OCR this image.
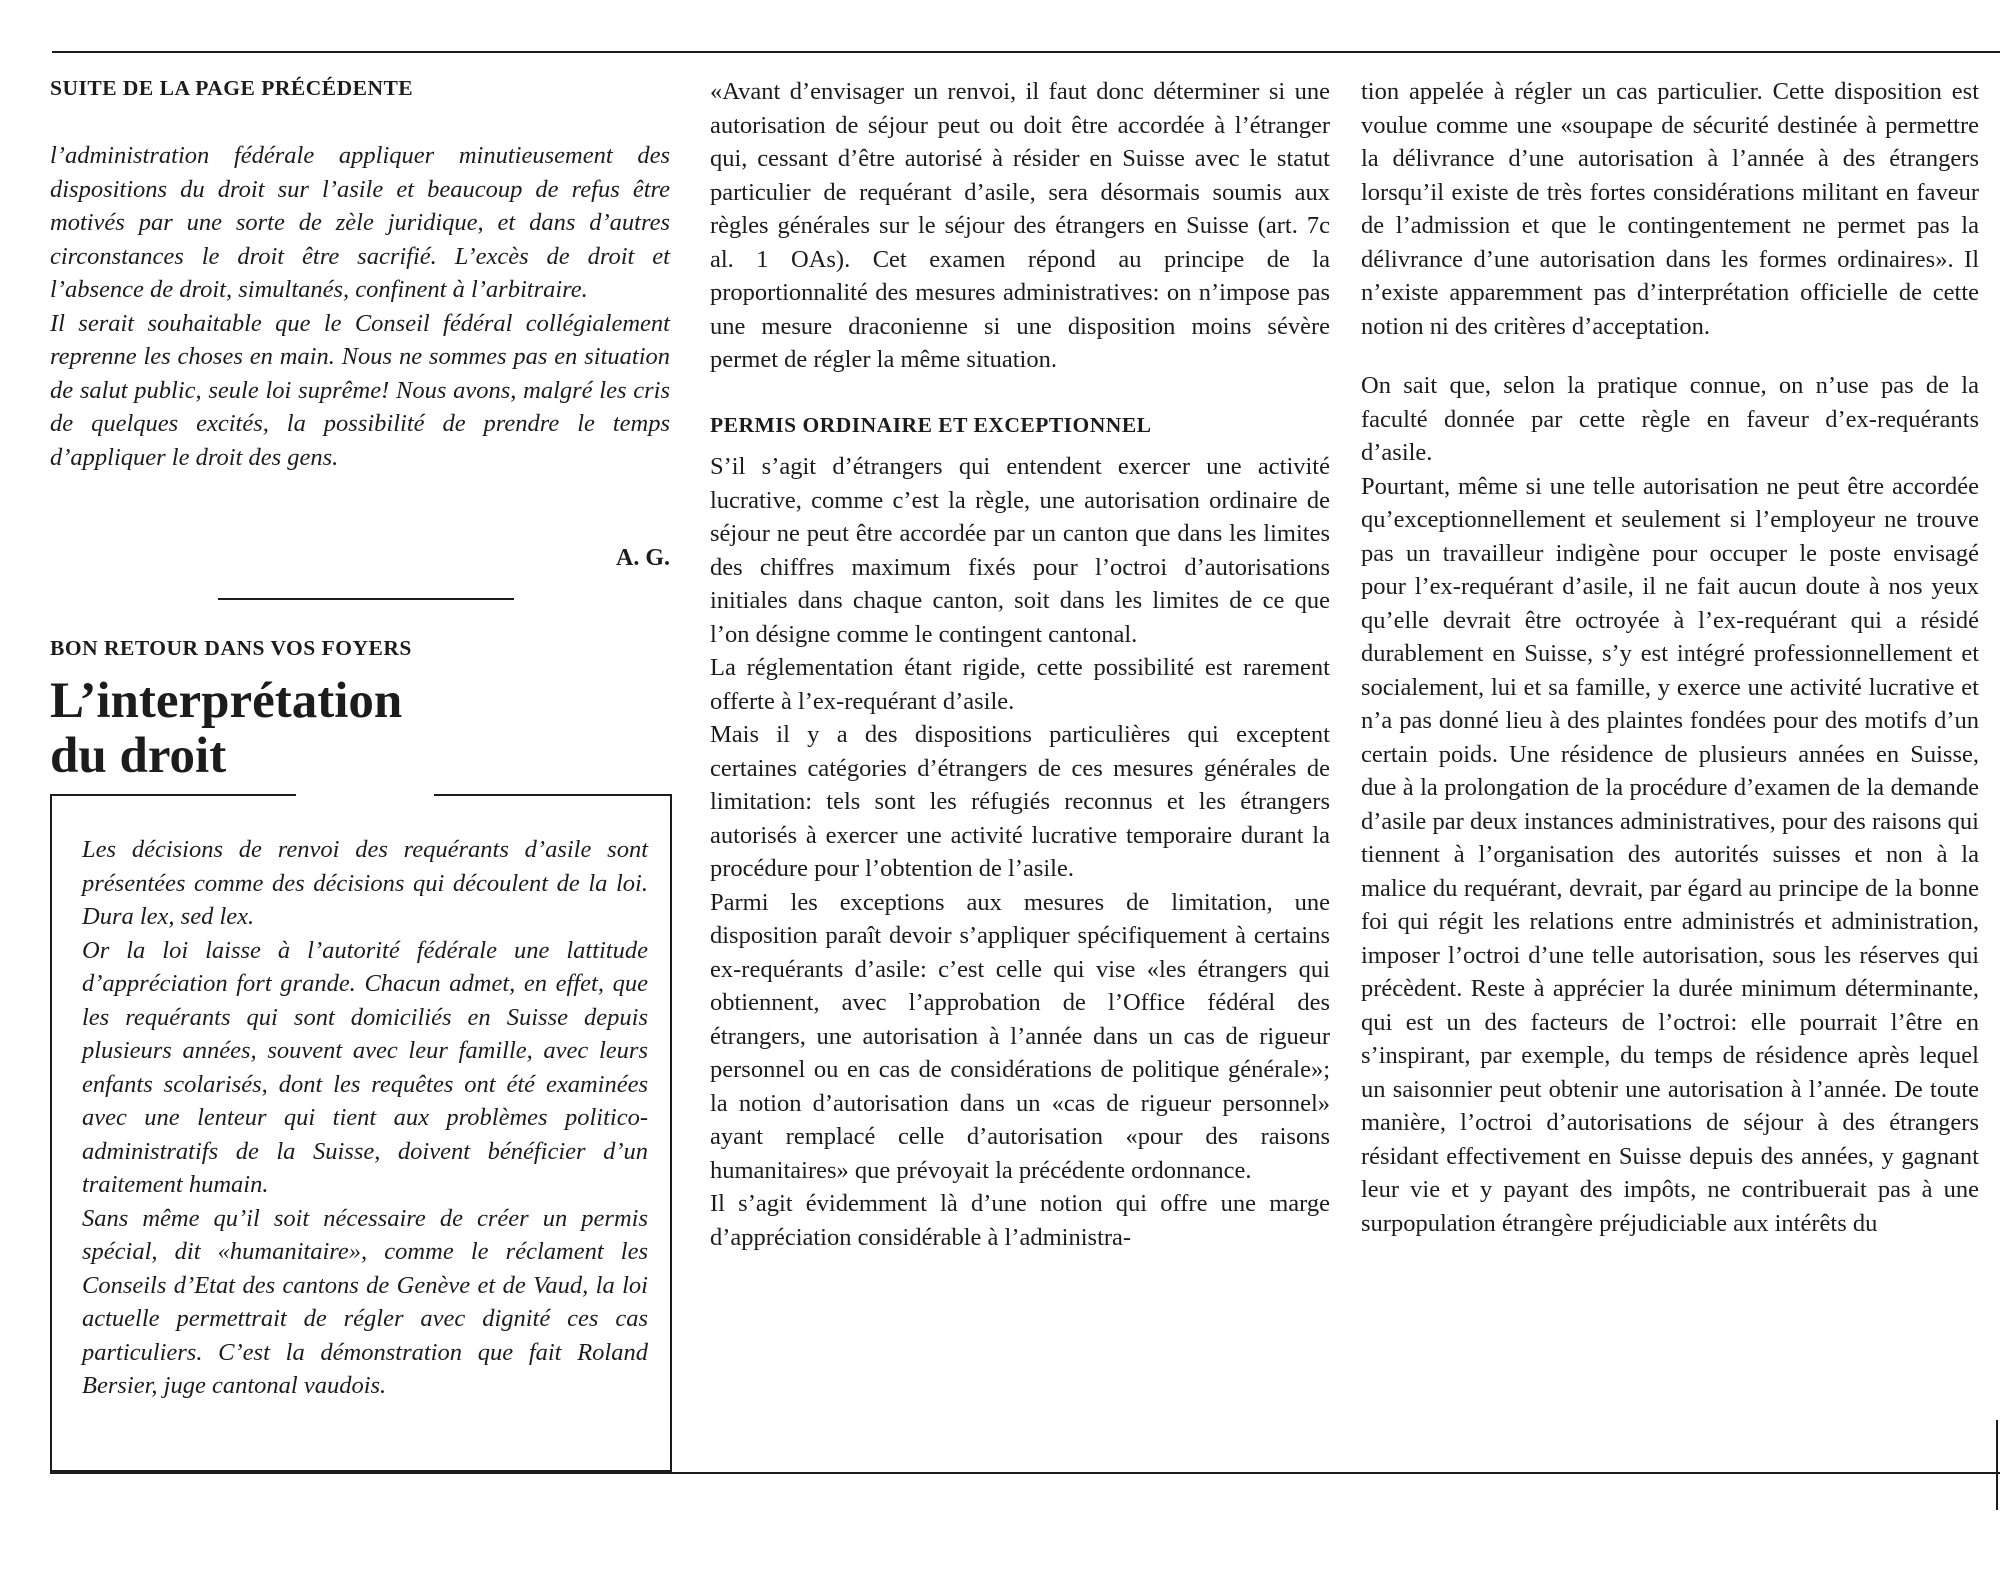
SUITE DE LA PAGE PRÉCÉDENTE

l’administration fédérale appliquer minutieusement des dispositions du droit sur l’asile et beaucoup de refus être motivés par une sorte de zèle juridique, et dans d’autres circonstances le droit être sacrifié. L’excès de droit et l’absence de droit, simultanés, confinent à l’arbitraire.

Il serait souhaitable que le Conseil fédéral collégialement reprenne les choses en main. Nous ne sommes pas en situation de salut public, seule loi suprême! Nous avons, malgré les cris de quelques excités, la possibilité de prendre le temps d’appliquer le droit des gens.

A. G.
BON RETOUR DANS VOS FOYERS
L’interprétation
du droit

Les décisions de renvoi des requérants d’asile sont présentées comme des décisions qui découlent de la loi. Dura lex, sed lex.

Or la loi laisse à l’autorité fédérale une lattitude d’appréciation fort grande. Chacun admet, en effet, que les requérants qui sont domiciliés en Suisse depuis plusieurs années, souvent avec leur famille, avec leurs enfants scolarisés, dont les requêtes ont été examinées avec une lenteur qui tient aux problèmes politico-administratifs de la Suisse, doivent bénéficier d’un traitement humain.

Sans même qu’il soit nécessaire de créer un permis spécial, dit «humanitaire», comme le réclament les Conseils d’Etat des cantons de Genève et de Vaud, la loi actuelle permettrait de régler avec dignité ces cas particuliers. C’est la démonstration que fait Roland Bersier, juge cantonal vaudois.

«Avant d’envisager un renvoi, il faut donc déterminer si une autorisation de séjour peut ou doit être accordée à l’étranger qui, cessant d’être autorisé à résider en Suisse avec le statut particulier de requérant d’asile, sera désormais soumis aux règles générales sur le séjour des étrangers en Suisse (art. 7c al. 1 OAs). Cet examen répond au principe de la proportionnalité des mesures administratives: on n’impose pas une mesure draconienne si une disposition moins sévère permet de régler la même situation.

PERMIS ORDINAIRE ET EXCEPTIONNEL

S’il s’agit d’étrangers qui entendent exercer une activité lucrative, comme c’est la règle, une autorisation ordinaire de séjour ne peut être accordée par un canton que dans les limites des chiffres maximum fixés pour l’octroi d’autorisations initiales dans chaque canton, soit dans les limites de ce que l’on désigne comme le contingent cantonal.

La réglementation étant rigide, cette possibilité est rarement offerte à l’ex-requérant d’asile.

Mais il y a des dispositions particulières qui exceptent certaines catégories d’étrangers de ces mesures générales de limitation: tels sont les réfugiés reconnus et les étrangers autorisés à exercer une activité lucrative temporaire durant la procédure pour l’obtention de l’asile.

Parmi les exceptions aux mesures de limitation, une disposition paraît devoir s’appliquer spécifiquement à certains ex-requérants d’asile: c’est celle qui vise «les étrangers qui obtiennent, avec l’approbation de l’Office fédéral des étrangers, une autorisation à l’année dans un cas de rigueur personnel ou en cas de considérations de politique générale»; la notion d’autorisation dans un «cas de rigueur personnel» ayant remplacé celle d’autorisation «pour des raisons humanitaires» que prévoyait la précédente ordonnance.

Il s’agit évidemment là d’une notion qui offre une marge d’appréciation considérable à l’administra-

tion appelée à régler un cas particulier. Cette disposition est voulue comme une «soupape de sécurité destinée à permettre la délivrance d’une autorisation à l’année à des étrangers lorsqu’il existe de très fortes considérations militant en faveur de l’admission et que le contingentement ne permet pas la délivrance d’une autorisation dans les formes ordinaires». Il n’existe apparemment pas d’interprétation officielle de cette notion ni des critères d’acceptation.

On sait que, selon la pratique connue, on n’use pas de la faculté donnée par cette règle en faveur d’ex-requérants d’asile.

Pourtant, même si une telle autorisation ne peut être accordée qu’exceptionnellement et seulement si l’employeur ne trouve pas un travailleur indigène pour occuper le poste envisagé pour l’ex-requérant d’asile, il ne fait aucun doute à nos yeux qu’elle devrait être octroyée à l’ex-requérant qui a résidé durablement en Suisse, s’y est intégré professionnellement et socialement, lui et sa famille, y exerce une activité lucrative et n’a pas donné lieu à des plaintes fondées pour des motifs d’un certain poids. Une résidence de plusieurs années en Suisse, due à la prolongation de la procédure d’examen de la demande d’asile par deux instances administratives, pour des raisons qui tiennent à l’organisation des autorités suisses et non à la malice du requérant, devrait, par égard au principe de la bonne foi qui régit les relations entre administrés et administration, imposer l’octroi d’une telle autorisation, sous les réserves qui précèdent. Reste à apprécier la durée minimum déterminante, qui est un des facteurs de l’octroi: elle pourrait l’être en s’inspirant, par exemple, du temps de résidence après lequel un saisonnier peut obtenir une autorisation à l’année. De toute manière, l’octroi d’autorisations de séjour à des étrangers résidant effectivement en Suisse depuis des années, y gagnant leur vie et y payant des impôts, ne contribuerait pas à une surpopulation étrangère préjudiciable aux intérêts du
